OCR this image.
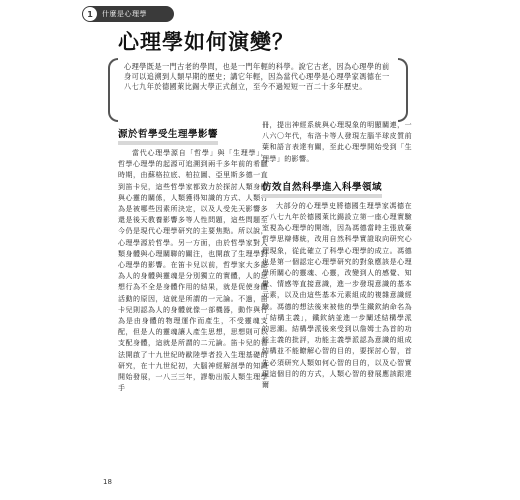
1	什麼是心理學
心理學如何演變？
心理學既是一門古老的學問，也是一門年輕的科學。說它古老，因為心理學的前身可以追溯到人類早期的歷史；講它年輕，因為當代心理學是心理學家馮德在一八七九年於德國萊比錫大學正式創立，至今不過短短一百二十多年歷史。
源於哲學受生理學影響

當代心理學源自「哲學」與「生理學」，哲學心理學的起源可追溯到兩千多年前的希臘時期，由蘇格拉底、柏拉圖、亞里斯多德一直到笛卡兒，這些哲學家都致力於探討人類身體與心靈的關係，人類獲得知識的方式、人類行為是被哪些因素所決定，以及人受先天影響多還是後天教養影響多等人性問題，這些問題至今仍是現代心理學研究的主要焦點。所以說，心理學源於哲學。另一方面，由於哲學家對人類身體與心理關聯的關注，也開啟了生理學對心理學的影響。在笛卡兒以前，哲學家大多認為人的身體與靈魂是分別獨立的實體，人的思想行為不全是身體作用的結果，就是促使身體活動的原因，這就是所謂的一元論。不過，笛卡兒則認為人的身體就像一部機器，動作與行為是由身體的物理運作而產生，不受靈魂支配，但是人的靈魂讓人產生思想，思想則可以支配身體，這就是所謂的二元論。笛卡兒的看法開啟了十九世紀時歐陸學者投入生理基礎的研究，在十九世紀初，大腦神經解剖學的知識開始發展，一八三三年，謬勒出版人類生理學手

冊，提出神經系統與心理現象的明顯關連，一八六〇年代，布洛卡等人發現左腦半球皮質前葉和語言表達有關，至此心理學開始受到「生理學」的影響。

仿效自然科學進入科學領域

大部分的心理學史將德國生理學家馮德在一八七九年於德國萊比錫設立第一座心理實驗室視為心理學的開端，因為馮德當時主張放棄哲學思辯傳統，改用自然科學實證取向研究心理現象，從此確立了科學心理學的成立。馮德也是第一個認定心理學研究的對象應該是心理學所關心的靈魂、心靈，改變到人的感覺、知覺、情感等直接意識，進一步發現意識的基本元素，以及由這些基本元素組成的複雜意識經驗。馮德的想法後來被他的學生鐵欽納命名為「結構主義」，鐵欽納並進一步闡述結構學派的思潮。結構學派後來受到以詹姆士為首的功能主義的批評，功能主義學派認為意識的組成結構並不能瞭解心智的目的，要探討心智，首先必須研究人類如何心智的目的，以及心智實現這個目的的方式，人類心智的發展應該跟達爾

18
